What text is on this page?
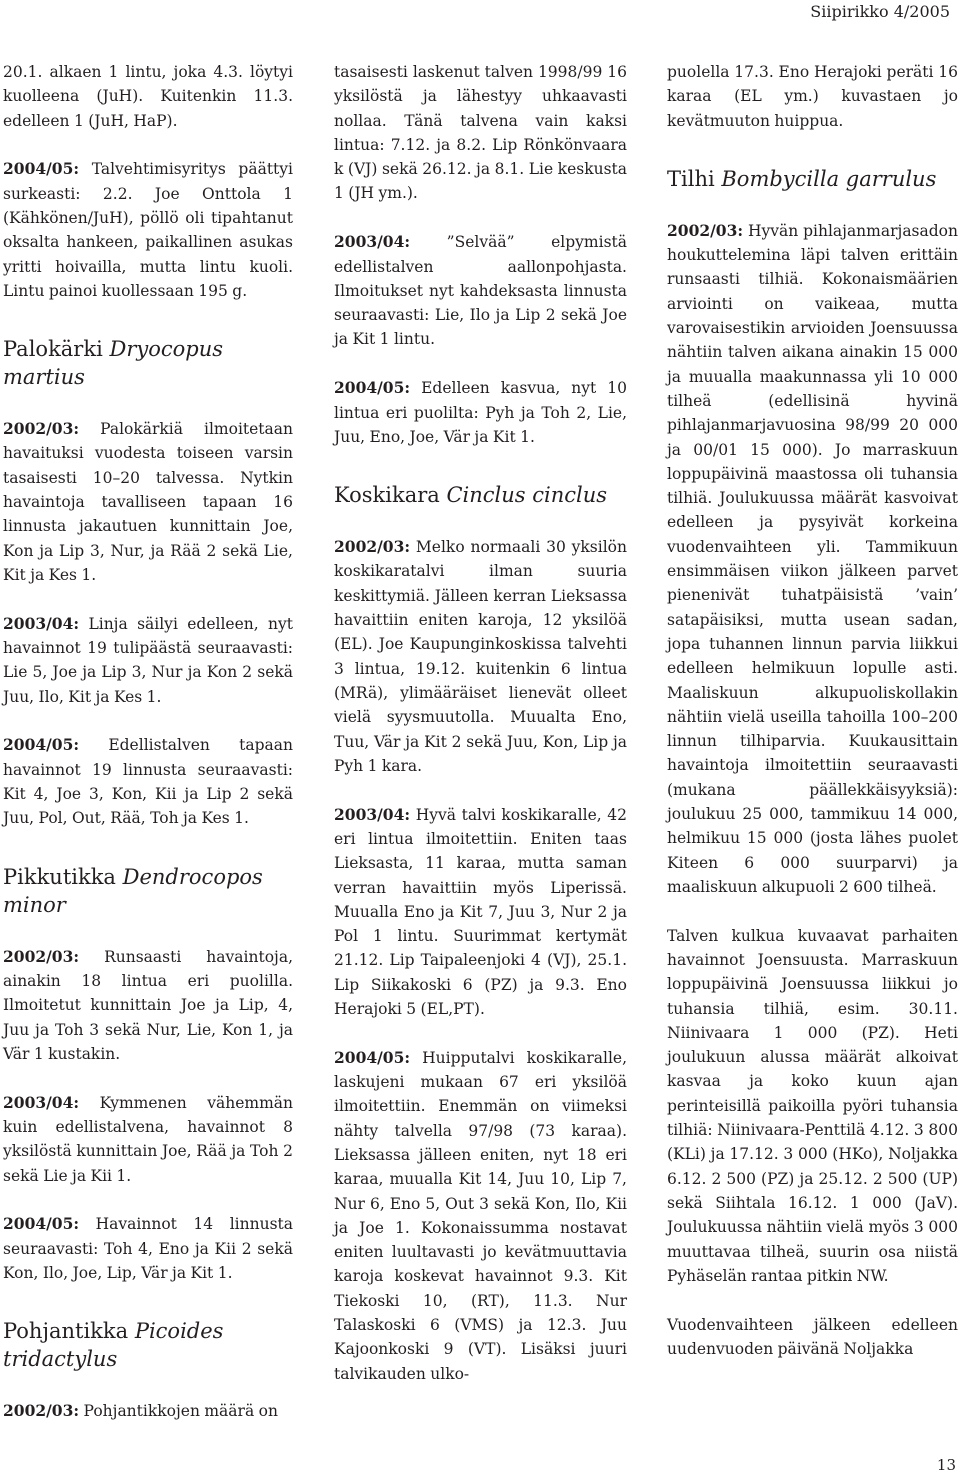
Siipirikko 4/2005

20.1. alkaen 1 lintu, joka 4.3. löytyi kuolleena (JuH). Kuitenkin 11.3. edelleen 1 (JuH, HaP).

2004/05: Talvehtimisyritys päättyi surkeasti: 2.2. Joe Onttola 1 (Kähkönen/JuH), pöllö oli tipahtanut oksalta hankeen, paikallinen asukas yritti hoivailla, mutta lintu kuoli. Lintu painoi kuollessaan 195 g.

Palokärki Dryocopus martius

2002/03: Palokärkiä ilmoitetaan havaituksi vuodesta toiseen varsin tasaisesti 10–20 talvessa. Nytkin havaintoja tavalliseen tapaan 16 linnusta jakautuen kunnittain Joe, Kon ja Lip 3, Nur, ja Rää 2 sekä Lie, Kit ja Kes 1.

2003/04: Linja säilyi edelleen, nyt havainnot 19 tulipäästä seuraavasti: Lie 5, Joe ja Lip 3, Nur ja Kon 2 sekä Juu, Ilo, Kit ja Kes 1.

2004/05: Edellistalven tapaan havainnot 19 linnusta seuraavasti: Kit 4, Joe 3, Kon, Kii ja Lip 2 sekä Juu, Pol, Out, Rää, Toh ja Kes 1.

Pikkutikka Dendrocopos minor

2002/03: Runsaasti havaintoja, ainakin 18 lintua eri puolilla. Ilmoitetut kunnittain Joe ja Lip, 4, Juu ja Toh 3 sekä Nur, Lie, Kon 1, ja Vär 1 kustakin.

2003/04: Kymmenen vähemmän kuin edellistalvena, havainnot 8 yksilöstä kunnittain Joe, Rää ja Toh 2 sekä Lie ja Kii 1.

2004/05: Havainnot 14 linnusta seuraavasti: Toh 4, Eno ja Kii 2 sekä Kon, Ilo, Joe, Lip, Vär ja Kit 1.

Pohjantikka Picoides tridactylus

2002/03: Pohjantikkojen määrä on

tasaisesti laskenut talven 1998/99 16 yksilöstä ja lähestyy uhkaavasti nollaa. Tänä talvena vain kaksi lintua: 7.12. ja 8.2. Lip Rönkönvaara k (VJ) sekä 26.12. ja 8.1. Lie keskusta 1 (JH ym.).

2003/04: ”Selvää” elpymistä edellistalven aallonpohjasta. Ilmoitukset nyt kahdeksasta linnusta seuraavasti: Lie, Ilo ja Lip 2 sekä Joe ja Kit 1 lintu.

2004/05: Edelleen kasvua, nyt 10 lintua eri puolilta: Pyh ja Toh 2, Lie, Juu, Eno, Joe, Vär ja Kit 1.

Koskikara Cinclus cinclus

2002/03: Melko normaali 30 yksilön koskikaratalvi ilman suuria keskittymiä. Jälleen kerran Lieksassa havaittiin eniten karoja, 12 yksilöä (EL). Joe Kaupunginkoskissa talvehti 3 lintua, 19.12. kuitenkin 6 lintua (MRä), ylimääräiset lienevät olleet vielä syysmuutolla. Muualta Eno, Tuu, Vär ja Kit 2 sekä Juu, Kon, Lip ja Pyh 1 kara.

2003/04: Hyvä talvi koskikaralle, 42 eri lintua ilmoitettiin. Eniten taas Lieksasta, 11 karaa, mutta saman verran havaittiin myös Liperissä. Muualla Eno ja Kit 7, Juu 3, Nur 2 ja Pol 1 lintu. Suurimmat kertymät 21.12. Lip Taipaleenjoki 4 (VJ), 25.1. Lip Siikakoski 6 (PZ) ja 9.3. Eno Herajoki 5 (EL,PT).

2004/05: Huipputalvi koskikaralle, laskujeni mukaan 67 eri yksilöä ilmoitettiin. Enemmän on viimeksi nähty talvella 97/98 (73 karaa). Lieksassa jälleen eniten, nyt 18 eri karaa, muualla Kit 14, Juu 10, Lip 7, Nur 6, Eno 5, Out 3 sekä Kon, Ilo, Kii ja Joe 1. Kokonaissumma nostavat eniten luultavasti jo kevätmuuttavia karoja koskevat havainnot 9.3. Kit Tiekoski 10, (RT), 11.3. Nur Talaskoski 6 (VMS) ja 12.3. Juu Kajoonkoski 9 (VT). Lisäksi juuri talvikauden ulko-

puolella 17.3. Eno Herajoki peräti 16 karaa (EL ym.) kuvastaen jo kevätmuuton huippua.

Tilhi Bombycilla garrulus

2002/03: Hyvän pihlajanmarjasadon houkuttelemina läpi talven erittäin runsaasti tilhiä. Kokonaismäärien arviointi on vaikeaa, mutta varovaisestikin arvioiden Joensuussa nähtiin talven aikana ainakin 15 000 ja muualla maakunnassa yli 10 000 tilheä (edellisinä hyvinä pihlajanmarjavuosina 98/99 20 000 ja 00/01 15 000). Jo marraskuun loppupäivinä maastossa oli tuhansia tilhiä. Joulukuussa määrät kasvoivat edelleen ja pysyivät korkeina vuodenvaihteen yli. Tammikuun ensimmäisen viikon jälkeen parvet pienenivät tuhatpäisistä ’vain’ satapäisiksi, mutta usean sadan, jopa tuhannen linnun parvia liikkui edelleen helmikuun lopulle asti. Maaliskuun alkupuoliskollakin nähtiin vielä useilla tahoilla 100–200 linnun tilhiparvia. Kuukausittain havaintoja ilmoitettiin seuraavasti (mukana päällekkäisyyksiä): joulukuu 25 000, tammikuu 14 000, helmikuu 15 000 (josta lähes puolet Kiteen 6 000 suurparvi) ja maaliskuun alkupuoli 2 600 tilheä.

Talven kulkua kuvaavat parhaiten havainnot Joensuusta. Marraskuun loppupäivinä Joensuussa liikkui jo tuhansia tilhiä, esim. 30.11. Niinivaara 1 000 (PZ). Heti joulukuun alussa määrät alkoivat kasvaa ja koko kuun ajan perinteisillä paikoilla pyöri tuhansia tilhiä: Niinivaara-Penttilä 4.12. 3 800 (KLi) ja 17.12. 3 000 (HKo), Noljakka 6.12. 2 500 (PZ) ja 25.12. 2 500 (UP) sekä Siihtala 16.12. 1 000 (JaV). Joulukuussa nähtiin vielä myös 3 000 muuttavaa tilheä, suurin osa niistä Pyhäselän rantaa pitkin NW.

Vuodenvaihteen jälkeen edelleen uudenvuoden päivänä Noljakka

13
